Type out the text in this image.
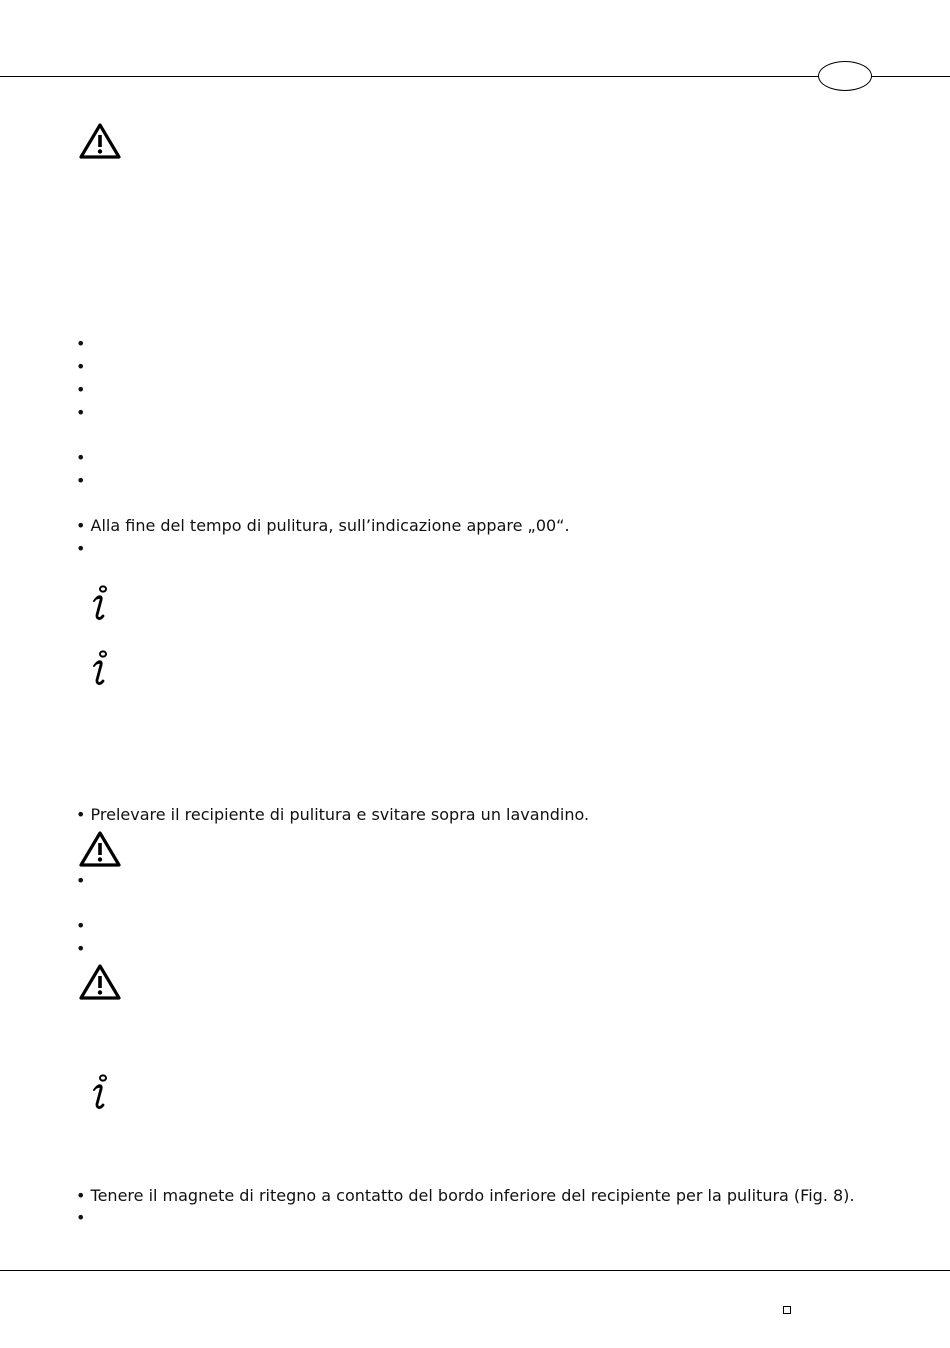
•
•
•
•
•
•
• Alla fine del tempo di pulitura, sull’indicazione appare „00“.
•
• Prelevare il recipiente di pulitura e svitare sopra un lavandino.
•
•
•
• Tenere il magnete di ritegno a contatto del bordo inferiore del recipiente per la pulitura (Fig. 8).
•
